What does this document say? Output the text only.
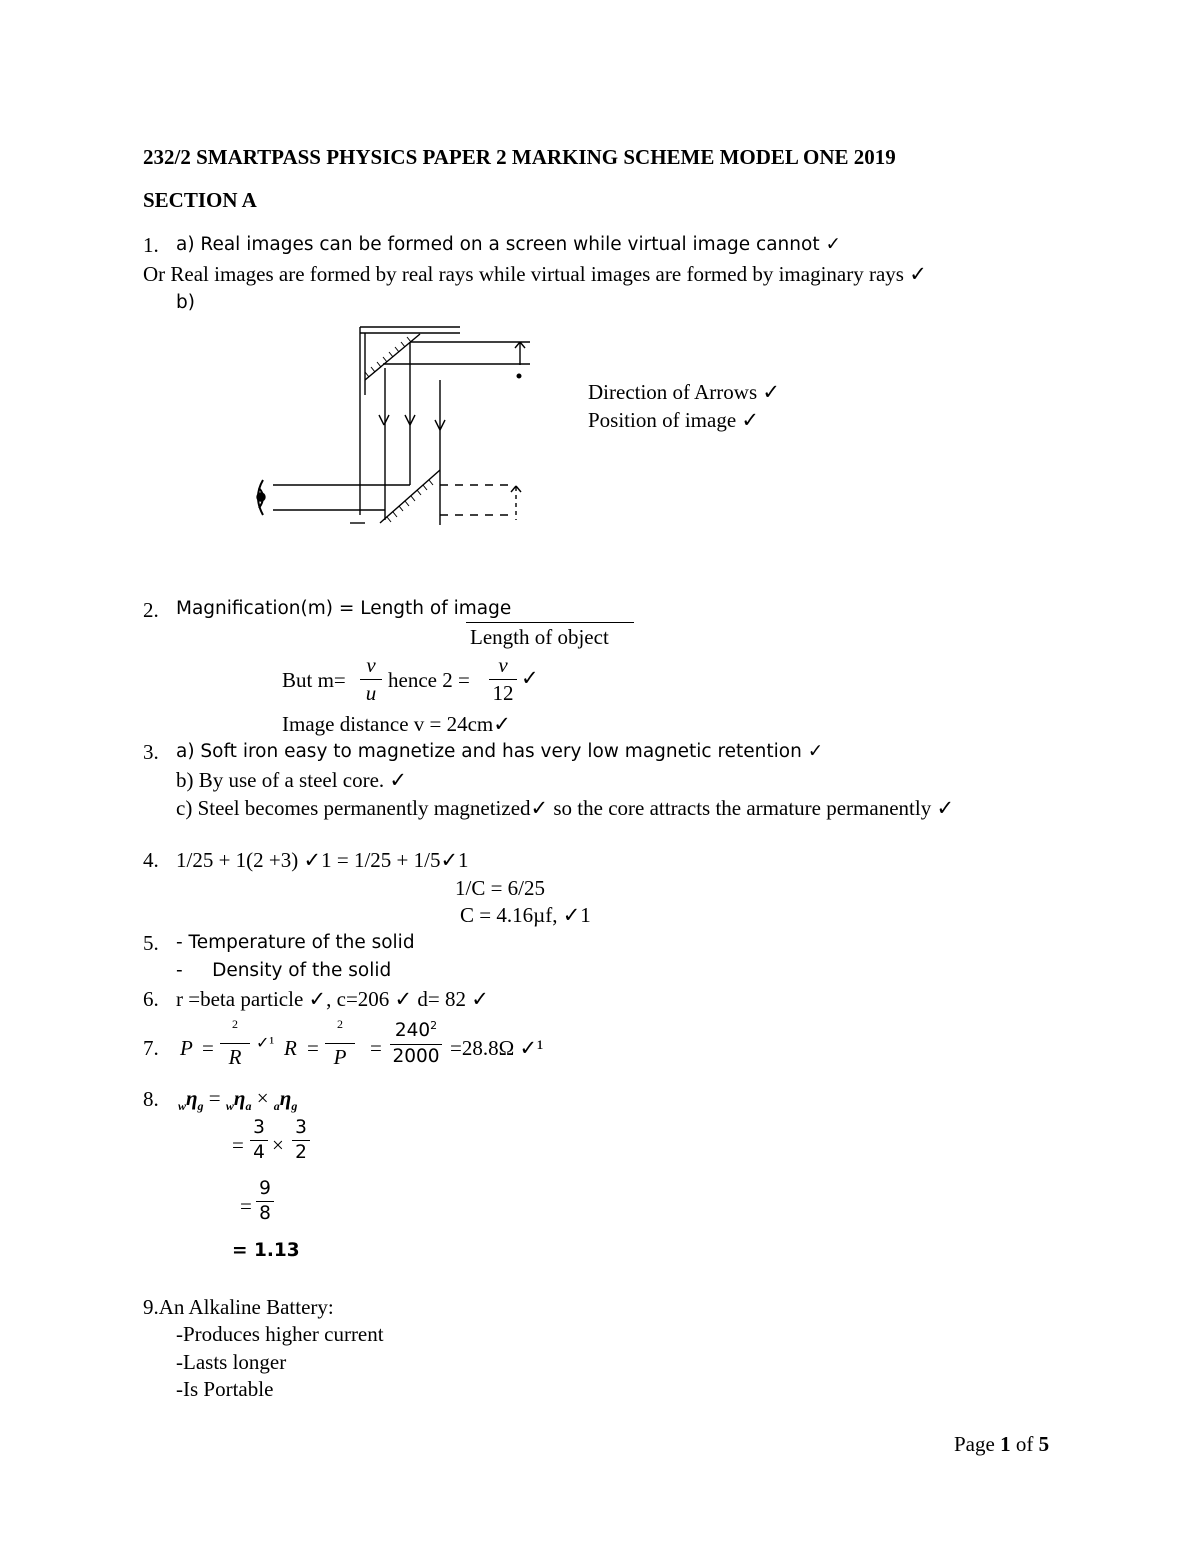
232/2 SMARTPASS PHYSICS PAPER 2 MARKING SCHEME MODEL ONE 2019
SECTION A
1. a) Real images can be formed on a screen while virtual image cannot ✓
Or Real images are formed by real rays while virtual images are formed by imaginary rays ✓
b)
Direction of Arrows ✓
Position of image ✓
2. Magnification(m) = Length of image
Length of object
But m=
v
u
hence 2 =
v
12
✓
Image distance v = 24cm✓
3. a) Soft iron easy to magnetize and has very low magnetic retention ✓
b) By use of a steel core. ✓
c) Steel becomes permanently magnetized✓ so the core attracts the armature permanently ✓
4. 1/25 + 1(2 +3) ✓1 = 1/25 + 1/5✓1
1/C = 6/25
C = 4.16µf, ✓1
5. - Temperature of the solid
-     Density of the solid
6. r =beta particle ✓, c=206 ✓ d= 82 ✓
7. P =
$^2$
R
✓¹ R =
$^2$
P	=
$240^2$
2000 =28.8Ω ✓¹
8. $_w\eta_g = _w\eta_a \times _a\eta_g$
=
3
4 ×
3
2
=
9
8
= 1.13
9.An Alkaline Battery:
-Produces higher current
-Lasts longer
-Is Portable
Page 1 of 5
